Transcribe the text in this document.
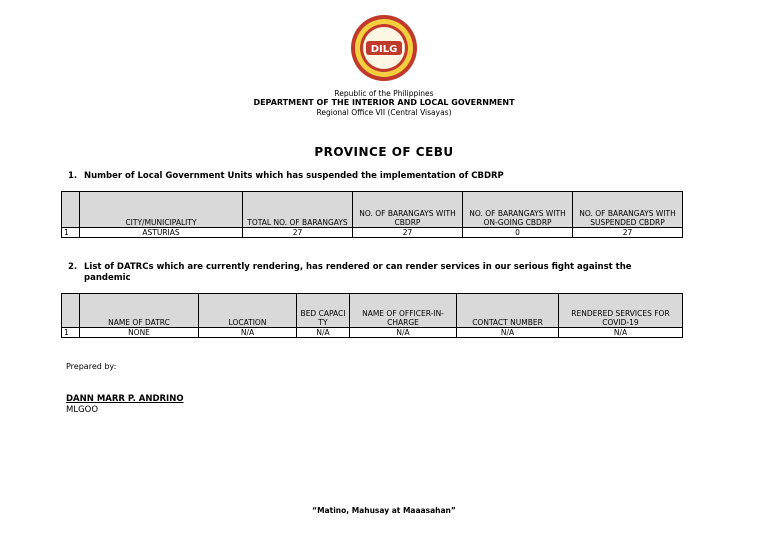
DILG
Republic of the Philippines
DEPARTMENT OF THE INTERIOR AND LOCAL GOVERNMENT
Regional Office VII (Central Visayas)
PROVINCE OF CEBU
1. Number of Local Government Units which has suspended the implementation of CBDRP
	CITY/MUNICIPALITY	TOTAL NO. OF BARANGAYS	NO. OF BARANGAYS WITH CBDRP	NO. OF BARANGAYS WITH ON-GOING CBDRP	NO. OF BARANGAYS WITH SUSPENDED CBDRP
1	ASTURIAS	27	27	0	27
2. List of DATRCs which are currently rendering, has rendered or can render services in our serious fight against the
pandemic
	NAME OF DATRC	LOCATION	BED CAPACITY	NAME OF OFFICER-IN-CHARGE	CONTACT NUMBER	RENDERED SERVICES FOR COVID-19
1	NONE	N/A	N/A	N/A	N/A	N/A
Prepared by:
DANN MARR P. ANDRINO
MLGOO
“Matino, Mahusay at Maaasahan”
